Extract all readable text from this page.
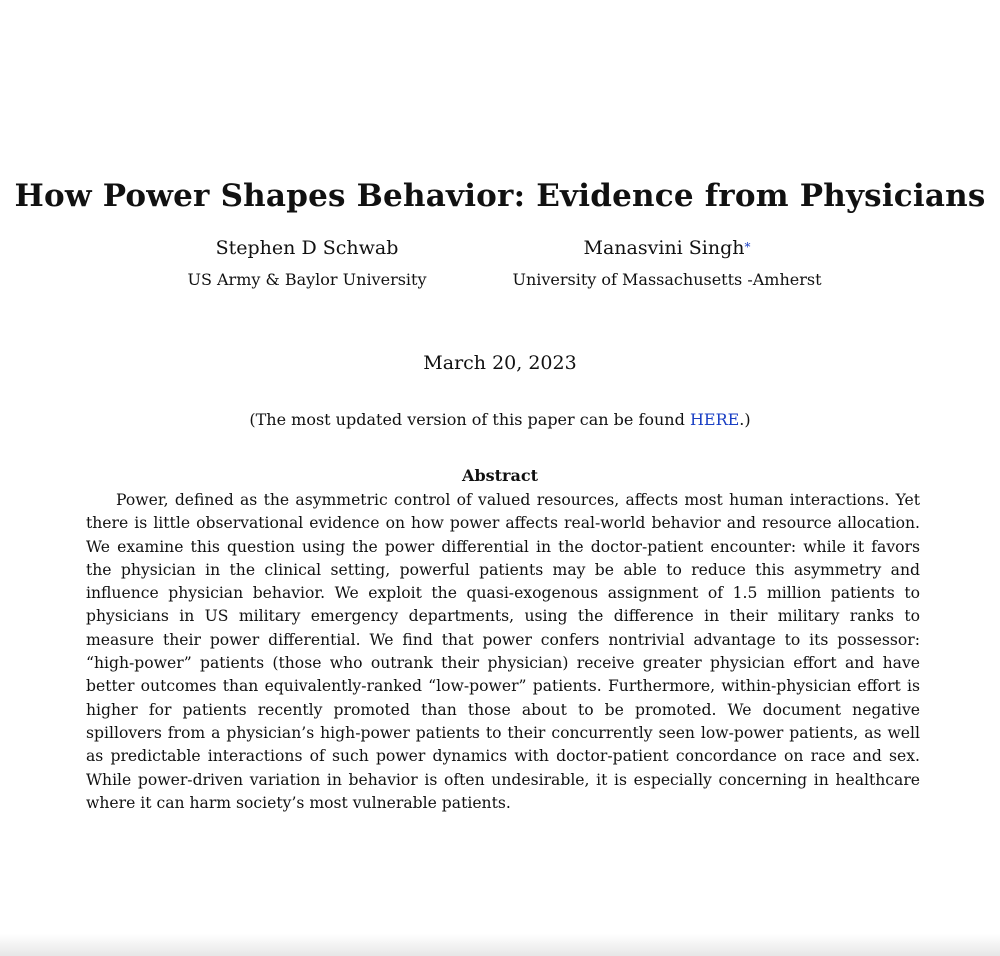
How Power Shapes Behavior: Evidence from Physicians
Stephen D Schwab
US Army & Baylor University
Manasvini Singh*
University of Massachusetts -Amherst
March 20, 2023
(The most updated version of this paper can be found HERE.)
Abstract

Power, defined as the asymmetric control of valued resources, affects most human interactions. Yet there is little observational evidence on how power affects real-world behavior and resource allocation. We examine this question using the power differential in the doctor-patient encounter: while it favors the physician in the clinical setting, powerful patients may be able to reduce this asymmetry and influence physician behavior. We exploit the quasi-exogenous assignment of 1.5 million patients to physicians in US military emergency departments, using the difference in their military ranks to measure their power differential. We find that power confers nontrivial advantage to its possessor: “high-power” patients (those who outrank their physician) receive greater physician effort and have better outcomes than equivalently-ranked “low-power” patients. Furthermore, within-physician effort is higher for patients recently promoted than those about to be promoted. We document negative spillovers from a physician’s high-power patients to their concurrently seen low-power patients, as well as predictable interactions of such power dynamics with doctor-patient concordance on race and sex. While power-driven variation in behavior is often undesirable, it is especially concerning in healthcare where it can harm society’s most vulnerable patients.
